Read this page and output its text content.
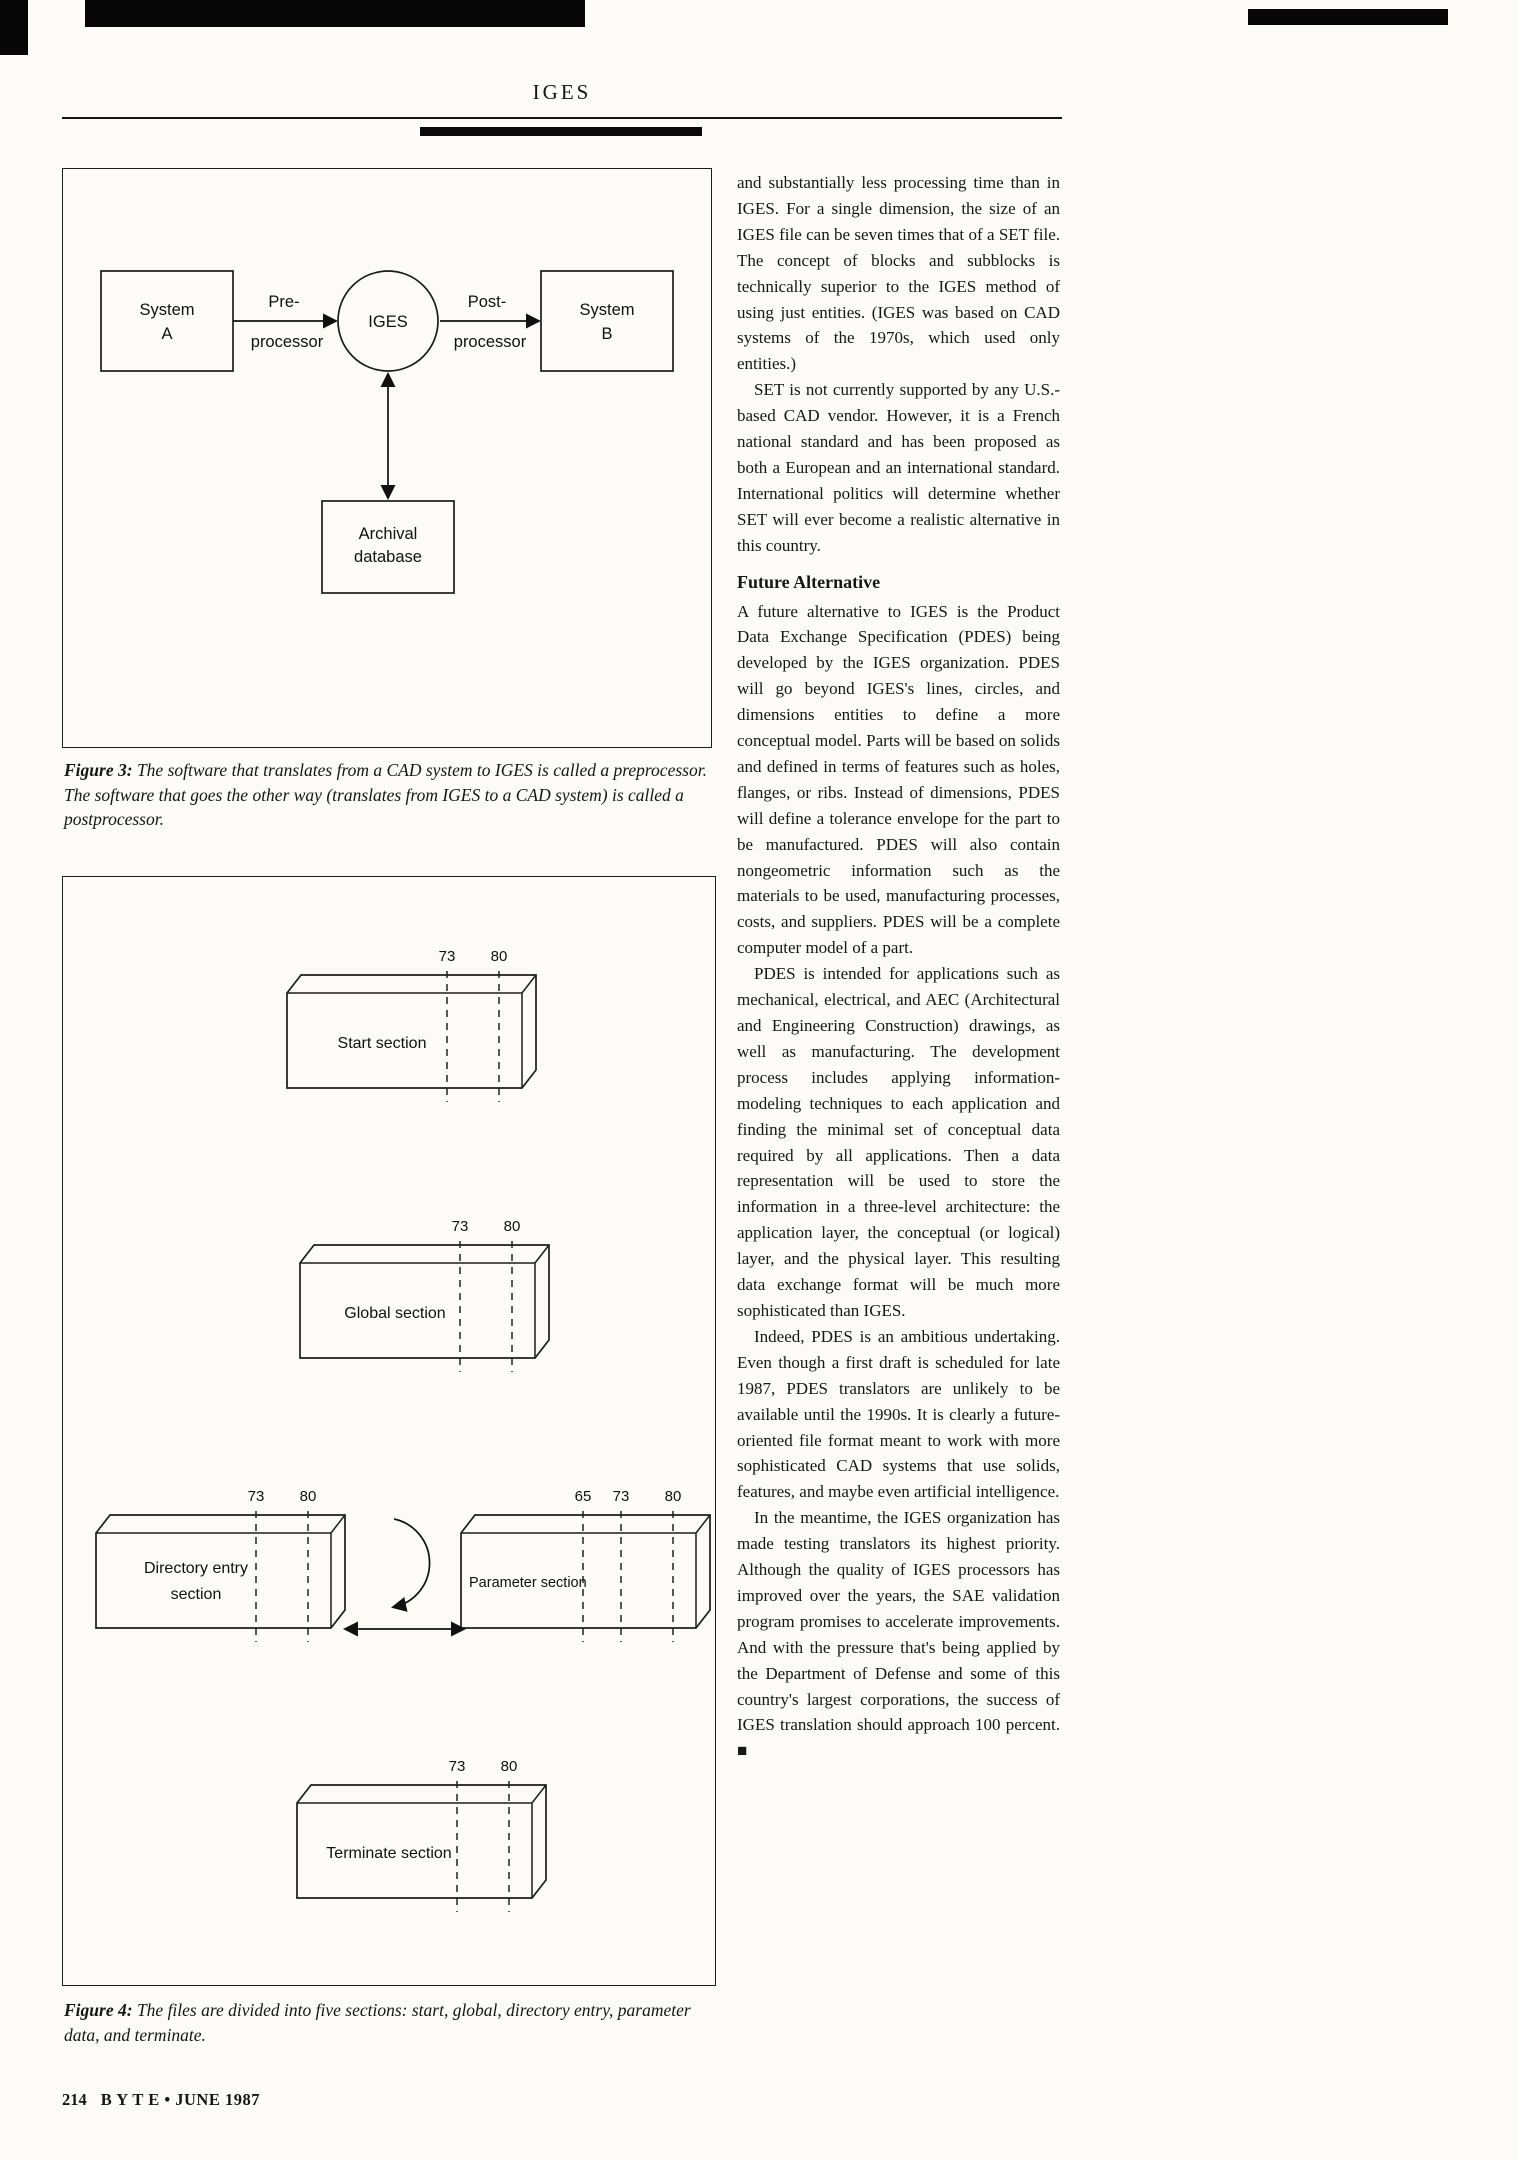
IGES
System
A
Pre-
processor
IGES
Post-
processor
System
B
Archival
database
Figure 3: The software that translates from a CAD system to IGES is called a preprocessor. The software that goes the other way (translates from IGES to a CAD system) is called a postprocessor.
73 80
Start section
73 80
Global section
73 80
Directory entry
section
65 73 80
Parameter section
73 80
Terminate section
Figure 4: The files are divided into five sections: start, global, directory entry, parameter data, and terminate.

and substantially less processing time than in IGES. For a single dimension, the size of an IGES file can be seven times that of a SET file. The concept of blocks and subblocks is technically superior to the IGES method of using just entities. (IGES was based on CAD systems of the 1970s, which used only entities.)

SET is not currently supported by any U.S.-based CAD vendor. However, it is a French national standard and has been proposed as both a European and an international standard. International politics will determine whether SET will ever become a realistic alternative in this country.

Future Alternative

A future alternative to IGES is the Product Data Exchange Specification (PDES) being developed by the IGES organization. PDES will go beyond IGES's lines, circles, and dimensions entities to define a more conceptual model. Parts will be based on solids and defined in terms of features such as holes, flanges, or ribs. Instead of dimensions, PDES will define a tolerance envelope for the part to be manufactured. PDES will also contain nongeometric information such as the materials to be used, manufacturing processes, costs, and suppliers. PDES will be a complete computer model of a part.

PDES is intended for applications such as mechanical, electrical, and AEC (Architectural and Engineering Construction) drawings, as well as manufacturing. The development process includes applying information-modeling techniques to each application and finding the minimal set of conceptual data required by all applications. Then a data representation will be used to store the information in a three-level architecture: the application layer, the conceptual (or logical) layer, and the physical layer. This resulting data exchange format will be much more sophisticated than IGES.

Indeed, PDES is an ambitious undertaking. Even though a first draft is scheduled for late 1987, PDES translators are unlikely to be available until the 1990s. It is clearly a future-oriented file format meant to work with more sophisticated CAD systems that use solids, features, and maybe even artificial intelligence.

In the meantime, the IGES organization has made testing translators its highest priority. Although the quality of IGES processors has improved over the years, the SAE validation program promises to accelerate improvements. And with the pressure that's being applied by the Department of Defense and some of this country's largest corporations, the success of IGES translation should approach 100 percent. ■

214 B Y T E • JUNE 1987
